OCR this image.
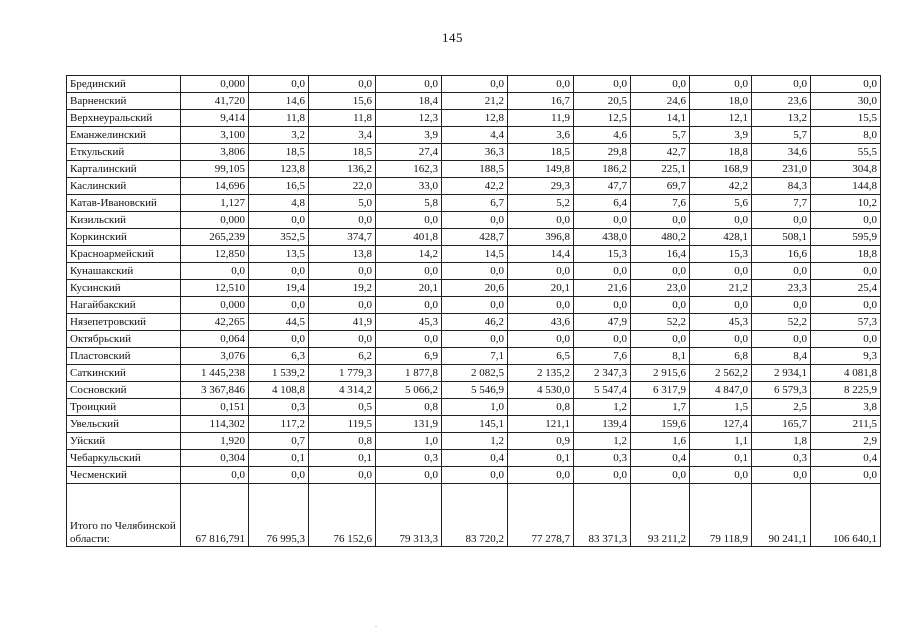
145
Брединский	0,000	0,0	0,0	0,0	0,0	0,0	0,0	0,0	0,0	0,0	0,0
Варненский	41,720	14,6	15,6	18,4	21,2	16,7	20,5	24,6	18,0	23,6	30,0
Верхнеуральский	9,414	11,8	11,8	12,3	12,8	11,9	12,5	14,1	12,1	13,2	15,5
Еманжелинский	3,100	3,2	3,4	3,9	4,4	3,6	4,6	5,7	3,9	5,7	8,0
Еткульский	3,806	18,5	18,5	27,4	36,3	18,5	29,8	42,7	18,8	34,6	55,5
Карталинский	99,105	123,8	136,2	162,3	188,5	149,8	186,2	225,1	168,9	231,0	304,8
Каслинский	14,696	16,5	22,0	33,0	42,2	29,3	47,7	69,7	42,2	84,3	144,8
Катав-Ивановский	1,127	4,8	5,0	5,8	6,7	5,2	6,4	7,6	5,6	7,7	10,2
Кизильский	0,000	0,0	0,0	0,0	0,0	0,0	0,0	0,0	0,0	0,0	0,0
Коркинский	265,239	352,5	374,7	401,8	428,7	396,8	438,0	480,2	428,1	508,1	595,9
Красноармейский	12,850	13,5	13,8	14,2	14,5	14,4	15,3	16,4	15,3	16,6	18,8
Кунашакский	0,0	0,0	0,0	0,0	0,0	0,0	0,0	0,0	0,0	0,0	0,0
Кусинский	12,510	19,4	19,2	20,1	20,6	20,1	21,6	23,0	21,2	23,3	25,4
Нагайбакский	0,000	0,0	0,0	0,0	0,0	0,0	0,0	0,0	0,0	0,0	0,0
Нязепетровский	42,265	44,5	41,9	45,3	46,2	43,6	47,9	52,2	45,3	52,2	57,3
Октябрьский	0,064	0,0	0,0	0,0	0,0	0,0	0,0	0,0	0,0	0,0	0,0
Пластовский	3,076	6,3	6,2	6,9	7,1	6,5	7,6	8,1	6,8	8,4	9,3
Саткинский	1 445,238	1 539,2	1 779,3	1 877,8	2 082,5	2 135,2	2 347,3	2 915,6	2 562,2	2 934,1	4 081,8
Сосновский	3 367,846	4 108,8	4 314,2	5 066,2	5 546,9	4 530,0	5 547,4	6 317,9	4 847,0	6 579,3	8 225,9
Троицкий	0,151	0,3	0,5	0,8	1,0	0,8	1,2	1,7	1,5	2,5	3,8
Увельский	114,302	117,2	119,5	131,9	145,1	121,1	139,4	159,6	127,4	165,7	211,5
Уйский	1,920	0,7	0,8	1,0	1,2	0,9	1,2	1,6	1,1	1,8	2,9
Чебаркульский	0,304	0,1	0,1	0,3	0,4	0,1	0,3	0,4	0,1	0,3	0,4
Чесменский	0,0	0,0	0,0	0,0	0,0	0,0	0,0	0,0	0,0	0,0	0,0
Итого по Челябинской области:	67 816,791	76 995,3	76 152,6	79 313,3	83 720,2	77 278,7	83 371,3	93 211,2	79 118,9	90 241,1	106 640,1
.
